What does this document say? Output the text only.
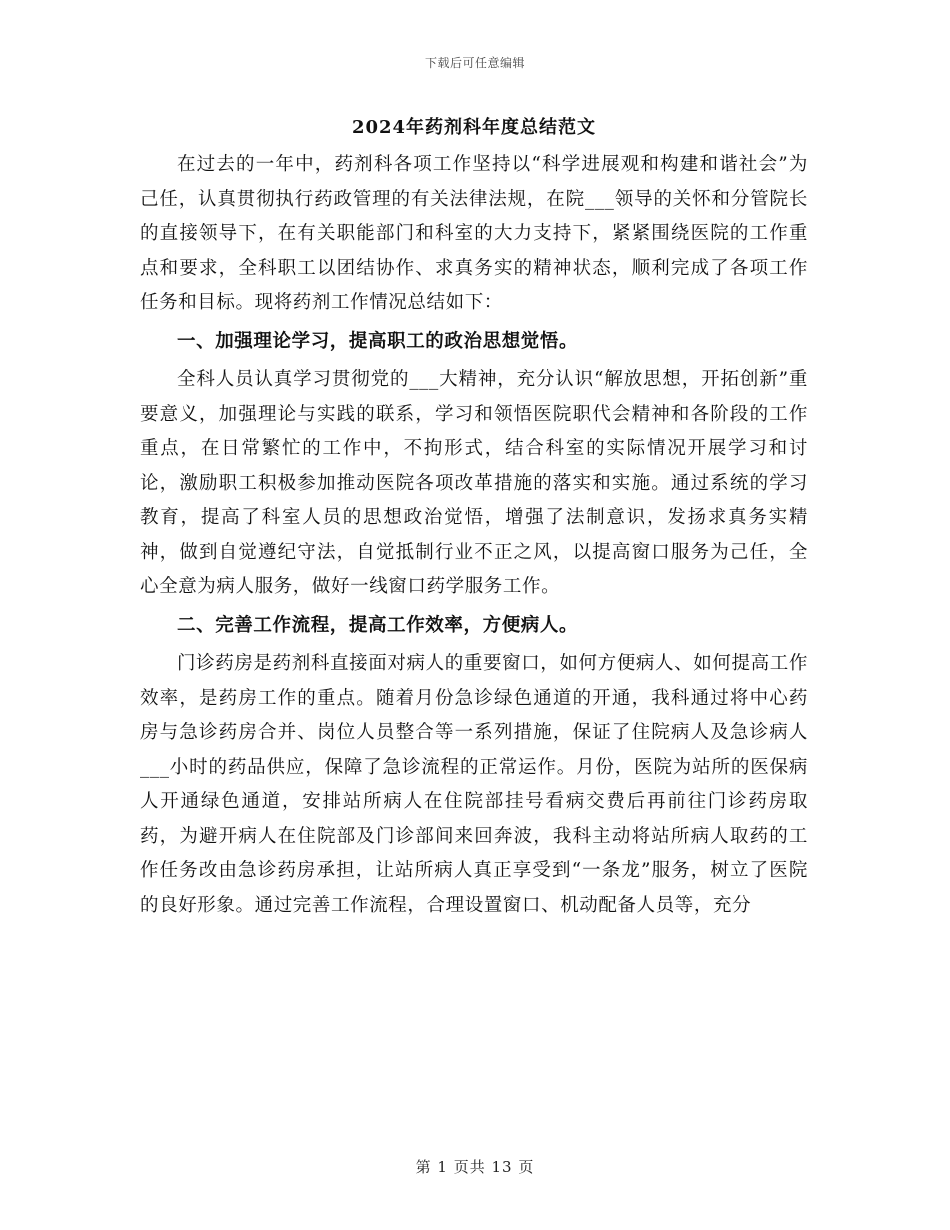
下载后可任意编辑
2024年药剂科年度总结范文

在过去的一年中，药剂科各项工作坚持以“科学进展观和构建和谐社会”为己任，认真贯彻执行药政管理的有关法律法规，在院___领导的关怀和分管院长的直接领导下，在有关职能部门和科室的大力支持下，紧紧围绕医院的工作重点和要求，全科职工以团结协作、求真务实的精神状态，顺利完成了各项工作任务和目标。现将药剂工作情况总结如下：

一、加强理论学习，提高职工的政治思想觉悟。

全科人员认真学习贯彻党的___大精神，充分认识“解放思想，开拓创新”重要意义，加强理论与实践的联系，学习和领悟医院职代会精神和各阶段的工作重点，在日常繁忙的工作中，不拘形式，结合科室的实际情况开展学习和讨论，激励职工积极参加推动医院各项改革措施的落实和实施。通过系统的学习教育，提高了科室人员的思想政治觉悟，增强了法制意识，发扬求真务实精神，做到自觉遵纪守法，自觉抵制行业不正之风，以提高窗口服务为己任，全心全意为病人服务，做好一线窗口药学服务工作。

二、完善工作流程，提高工作效率，方便病人。

门诊药房是药剂科直接面对病人的重要窗口，如何方便病人、如何提高工作效率，是药房工作的重点。随着月份急诊绿色通道的开通，我科通过将中心药房与急诊药房合并、岗位人员整合等一系列措施，保证了住院病人及急诊病人___小时的药品供应，保障了急诊流程的正常运作。月份，医院为站所的医保病人开通绿色通道，安排站所病人在住院部挂号看病交费后再前往门诊药房取药，为避开病人在住院部及门诊部间来回奔波，我科主动将站所病人取药的工作任务改由急诊药房承担，让站所病人真正享受到“一条龙”服务，树立了医院的良好形象。通过完善工作流程，合理设置窗口、机动配备人员等，充分

第 1 页共 13 页
